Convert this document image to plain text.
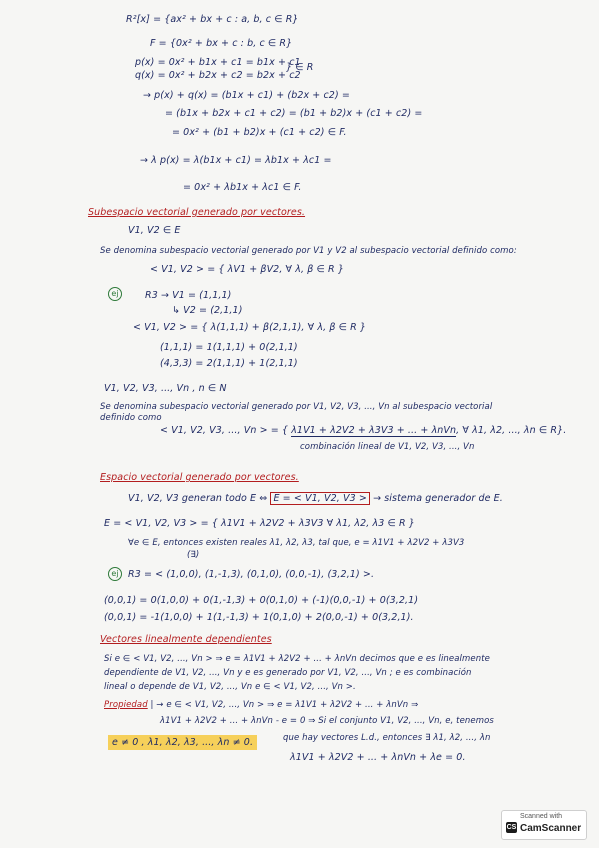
R²[x] = {ax² + bx + c : a, b, c ∈ R}
F = {0x² + bx + c : b, c ∈ R}
p(x) = 0x² + b1x + c1 = b1x + c1
} ∈ R
q(x) = 0x² + b2x + c2 = b2x + c2
→ p(x) + q(x) = (b1x + c1) + (b2x + c2) =
= (b1x + b2x + c1 + c2) = (b1 + b2)x + (c1 + c2) =
= 0x² + (b1 + b2)x + (c1 + c2) ∈ F.
→ λ p(x) = λ(b1x + c1) = λb1x + λc1 =
= 0x² + λb1x + λc1 ∈ F.
Subespacio vectorial generado por vectores.
V1, V2 ∈ E
Se denomina subespacio vectorial generado por V1 y V2 al subespacio vectorial definido como:
< V1, V2 > = { λV1 + βV2, ∀ λ, β ∈ R }
ej	R3 → V1 = (1,1,1)
↳ V2 = (2,1,1)
< V1, V2 > = { λ(1,1,1) + β(2,1,1), ∀ λ, β ∈ R }
(1,1,1) = 1(1,1,1) + 0(2,1,1)
(4,3,3) = 2(1,1,1) + 1(2,1,1)
V1, V2, V3, ..., Vn , n ∈ N
Se denomina subespacio vectorial generado por V1, V2, V3, ..., Vn al subespacio vectorial
definido como
< V1, V2, V3, ..., Vn > = { λ1V1 + λ2V2 + λ3V3 + ... + λnVn, ∀ λ1, λ2, ..., λn ∈ R}.
combinación lineal de V1, V2, V3, ..., Vn
Espacio vectorial generado por vectores.
V1, V2, V3 generan todo E ⇔ E = < V1, V2, V3 > → sistema generador de E.
E = < V1, V2, V3 > = { λ1V1 + λ2V2 + λ3V3 ∀ λ1, λ2, λ3 ∈ R }
∀e ∈ E, entonces existen reales λ1, λ2, λ3, tal que, e = λ1V1 + λ2V2 + λ3V3
(∃)
ej R3 = < (1,0,0), (1,-1,3), (0,1,0), (0,0,-1), (3,2,1) >.
(0,0,1) = 0(1,0,0) + 0(1,-1,3) + 0(0,1,0) + (-1)(0,0,-1) + 0(3,2,1)
(0,0,1) = -1(1,0,0) + 1(1,-1,3) + 1(0,1,0) + 2(0,0,-1) + 0(3,2,1).
Vectores linealmente dependientes
Si e ∈ < V1, V2, ..., Vn > ⇒ e = λ1V1 + λ2V2 + ... + λnVn decimos que e es linealmente
dependiente de V1, V2, ..., Vn y e es generado por V1, V2, ..., Vn ; e es combinación
lineal o depende de V1, V2, ..., Vn e ∈ < V1, V2, ..., Vn >.
Propiedad | → e ∈ < V1, V2, ..., Vn > ⇒ e = λ1V1 + λ2V2 + ... + λnVn ⇒
λ1V1 + λ2V2 + ... + λnVn - e = 0 ⇒ Si el conjunto V1, V2, ..., Vn, e, tenemos
que hay vectores L.d., entonces ∃ λ1, λ2, ..., λn
e ≠ 0 , λ1, λ2, λ3, ..., λn ≠ 0.
λ1V1 + λ2V2 + ... + λnVn + λe = 0.
CS
Scanned with
CamScanner
